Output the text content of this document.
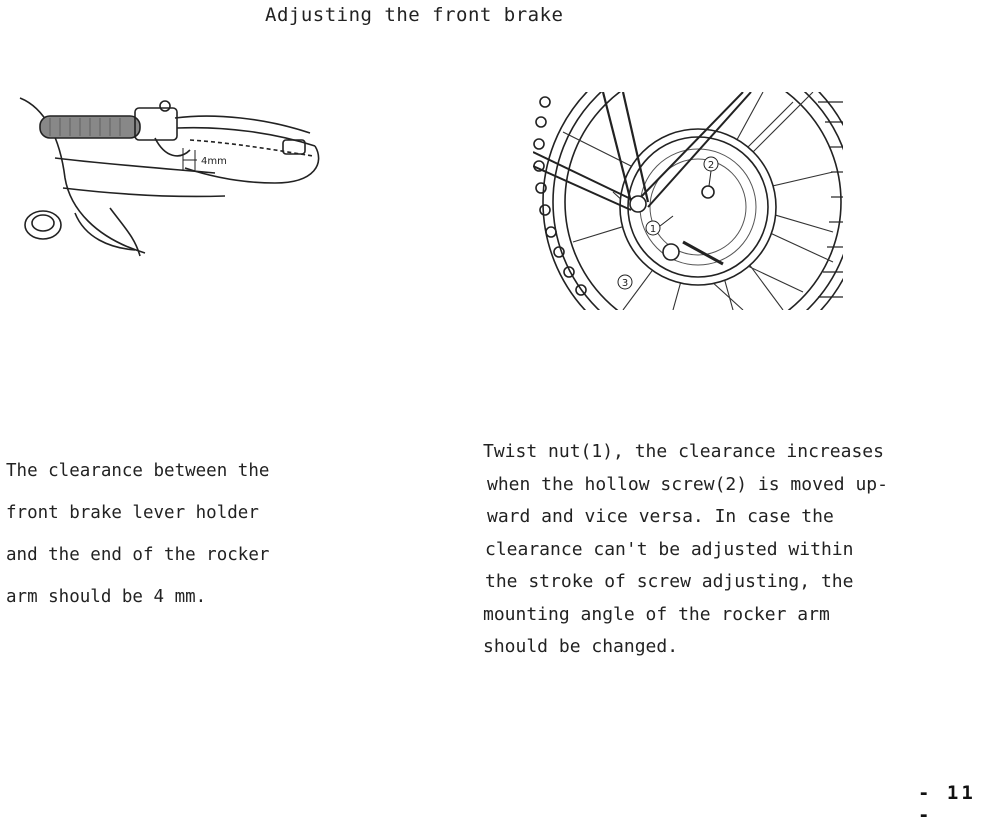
Adjusting the front brake
4mm
1
2
3
The clearance between the
front brake lever holder
and the end of the rocker
arm should be 4 mm.
Twist nut(1), the clearance increases
when the hollow screw(2) is moved up-
ward and vice versa. In case the
clearance can't be adjusted within
the stroke of screw adjusting, the
mounting angle of the rocker arm
should be changed.
- 11 -
